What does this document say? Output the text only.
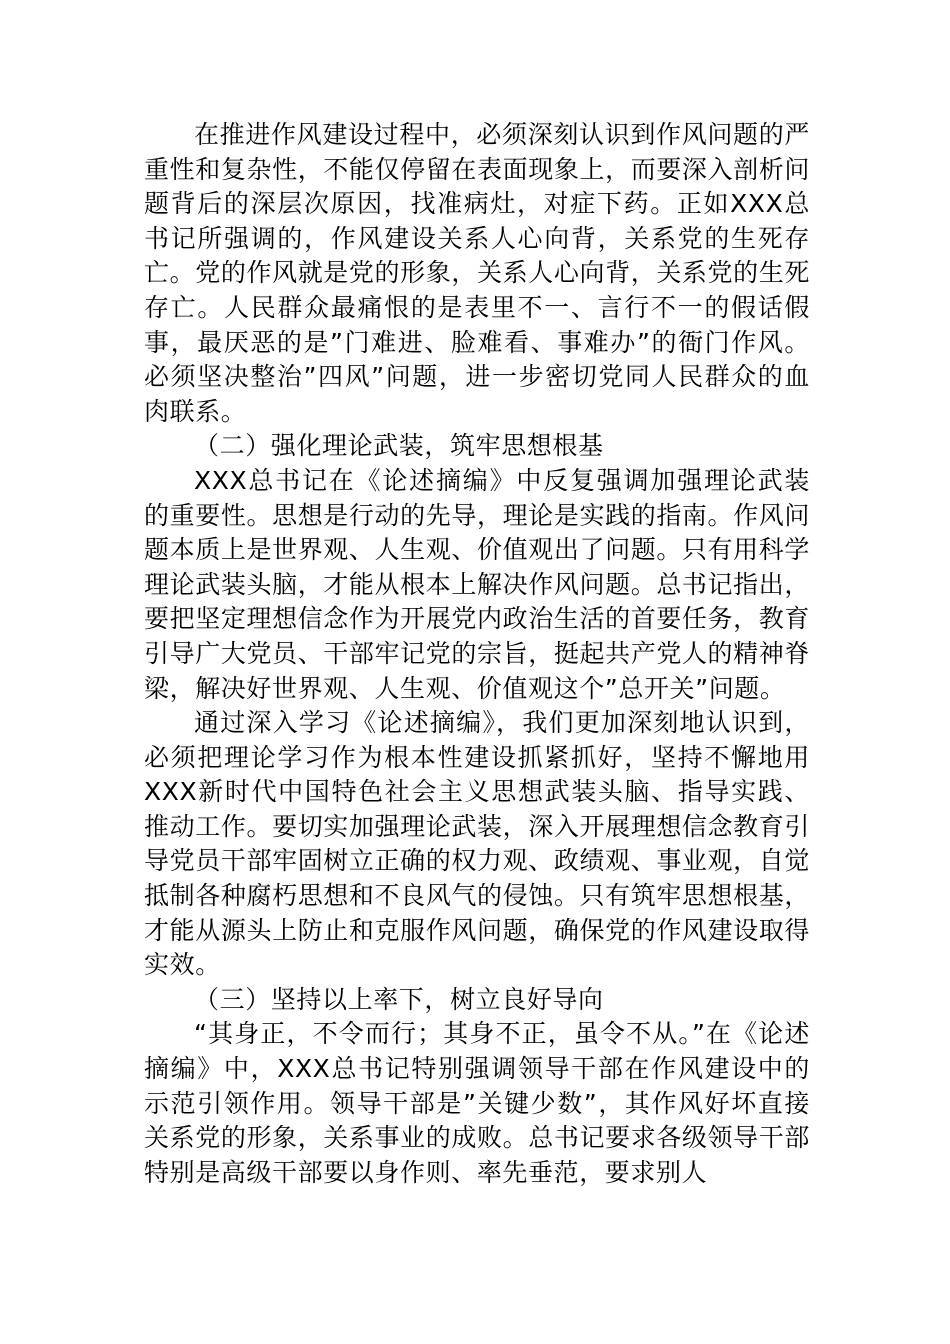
在推进作风建设过程中，必须深刻认识到作风问题的严重性和复杂性，不能仅停留在表面现象上，而要深入剖析问题背后的深层次原因，找准病灶，对症下药。正如XXX总书记所强调的，作风建设关系人心向背，关系党的生死存亡。党的作风就是党的形象，关系人心向背，关系党的生死存亡。人民群众最痛恨的是表里不一、言行不一的假话假事，最厌恶的是”门难进、脸难看、事难办”的衙门作风。必须坚决整治”四风”问题，进一步密切党同人民群众的血肉联系。

（二）强化理论武装，筑牢思想根基

XXX总书记在《论述摘编》中反复强调加强理论武装的重要性。思想是行动的先导，理论是实践的指南。作风问题本质上是世界观、人生观、价值观出了问题。只有用科学理论武装头脑，才能从根本上解决作风问题。总书记指出，要把坚定理想信念作为开展党内政治生活的首要任务，教育引导广大党员、干部牢记党的宗旨，挺起共产党人的精神脊梁，解决好世界观、人生观、价值观这个”总开关”问题。

通过深入学习《论述摘编》，我们更加深刻地认识到，必须把理论学习作为根本性建设抓紧抓好，坚持不懈地用XXX新时代中国特色社会主义思想武装头脑、指导实践、推动工作。要切实加强理论武装，深入开展理想信念教育引导党员干部牢固树立正确的权力观、政绩观、事业观，自觉抵制各种腐朽思想和不良风气的侵蚀。只有筑牢思想根基，才能从源头上防止和克服作风问题，确保党的作风建设取得实效。

（三）坚持以上率下，树立良好导向

“其身正，不令而行；其身不正，虽令不从。”在《论述摘编》中，XXX总书记特别强调领导干部在作风建设中的示范引领作用。领导干部是”关键少数”，其作风好坏直接关系党的形象，关系事业的成败。总书记要求各级领导干部特别是高级干部要以身作则、率先垂范，要求别人
